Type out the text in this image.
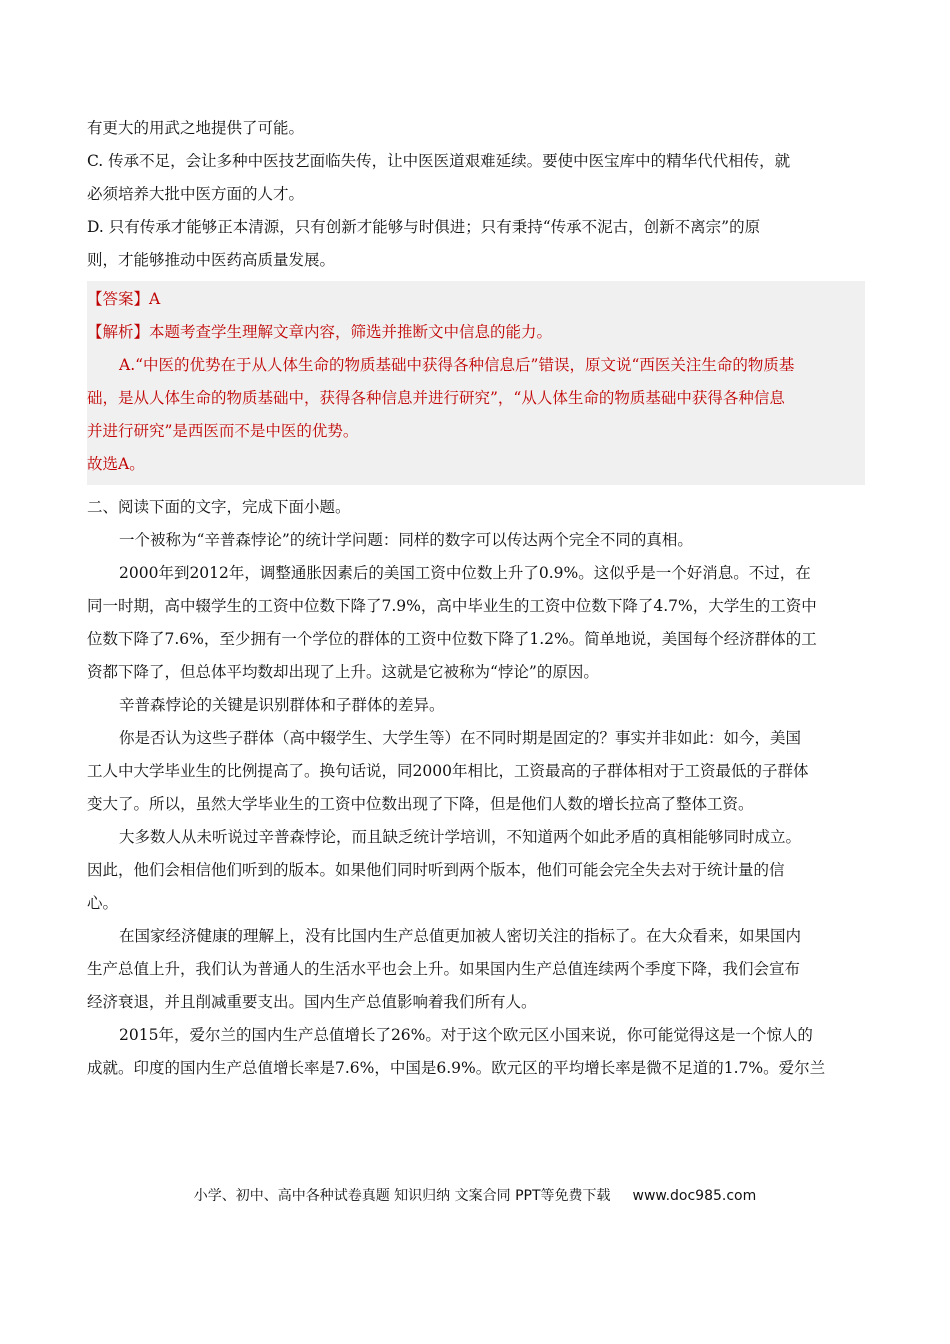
有更大的用武之地提供了可能。

C. 传承不足，会让多种中医技艺面临失传，让中医医道艰难延续。要使中医宝库中的精华代代相传，就

必须培养大批中医方面的人才。

D. 只有传承才能够正本清源，只有创新才能够与时俱进；只有秉持“传承不泥古，创新不离宗”的原

则，才能够推动中医药高质量发展。

【答案】A

【解析】本题考查学生理解文章内容，筛选并推断文中信息的能力。

A.“中医的优势在于从人体生命的物质基础中获得各种信息后”错误，原文说“西医关注生命的物质基

础，是从人体生命的物质基础中，获得各种信息并进行研究”，“从人体生命的物质基础中获得各种信息

并进行研究”是西医而不是中医的优势。

故选A。

二、阅读下面的文字，完成下面小题。

一个被称为“辛普森悖论”的统计学问题：同样的数字可以传达两个完全不同的真相。

2000年到2012年，调整通胀因素后的美国工资中位数上升了0.9%。这似乎是一个好消息。不过，在

同一时期，高中辍学生的工资中位数下降了7.9%，高中毕业生的工资中位数下降了4.7%，大学生的工资中

位数下降了7.6%，至少拥有一个学位的群体的工资中位数下降了1.2%。简单地说，美国每个经济群体的工

资都下降了，但总体平均数却出现了上升。这就是它被称为“悖论”的原因。

辛普森悖论的关键是识别群体和子群体的差异。

你是否认为这些子群体（高中辍学生、大学生等）在不同时期是固定的？事实并非如此：如今，美国

工人中大学毕业生的比例提高了。换句话说，同2000年相比，工资最高的子群体相对于工资最低的子群体

变大了。所以，虽然大学毕业生的工资中位数出现了下降，但是他们人数的增长拉高了整体工资。

大多数人从未听说过辛普森悖论，而且缺乏统计学培训，不知道两个如此矛盾的真相能够同时成立。

因此，他们会相信他们听到的版本。如果他们同时听到两个版本，他们可能会完全失去对于统计量的信

心。

在国家经济健康的理解上，没有比国内生产总值更加被人密切关注的指标了。在大众看来，如果国内

生产总值上升，我们认为普通人的生活水平也会上升。如果国内生产总值连续两个季度下降，我们会宣布

经济衰退，并且削减重要支出。国内生产总值影响着我们所有人。

2015年，爱尔兰的国内生产总值增长了26%。对于这个欧元区小国来说，你可能觉得这是一个惊人的

成就。印度的国内生产总值增长率是7.6%，中国是6.9%。欧元区的平均增长率是微不足道的1.7%。爱尔兰

小学、初中、高中各种试卷真题 知识归纳 文案合同 PPT等免费下载 www.doc985.com
